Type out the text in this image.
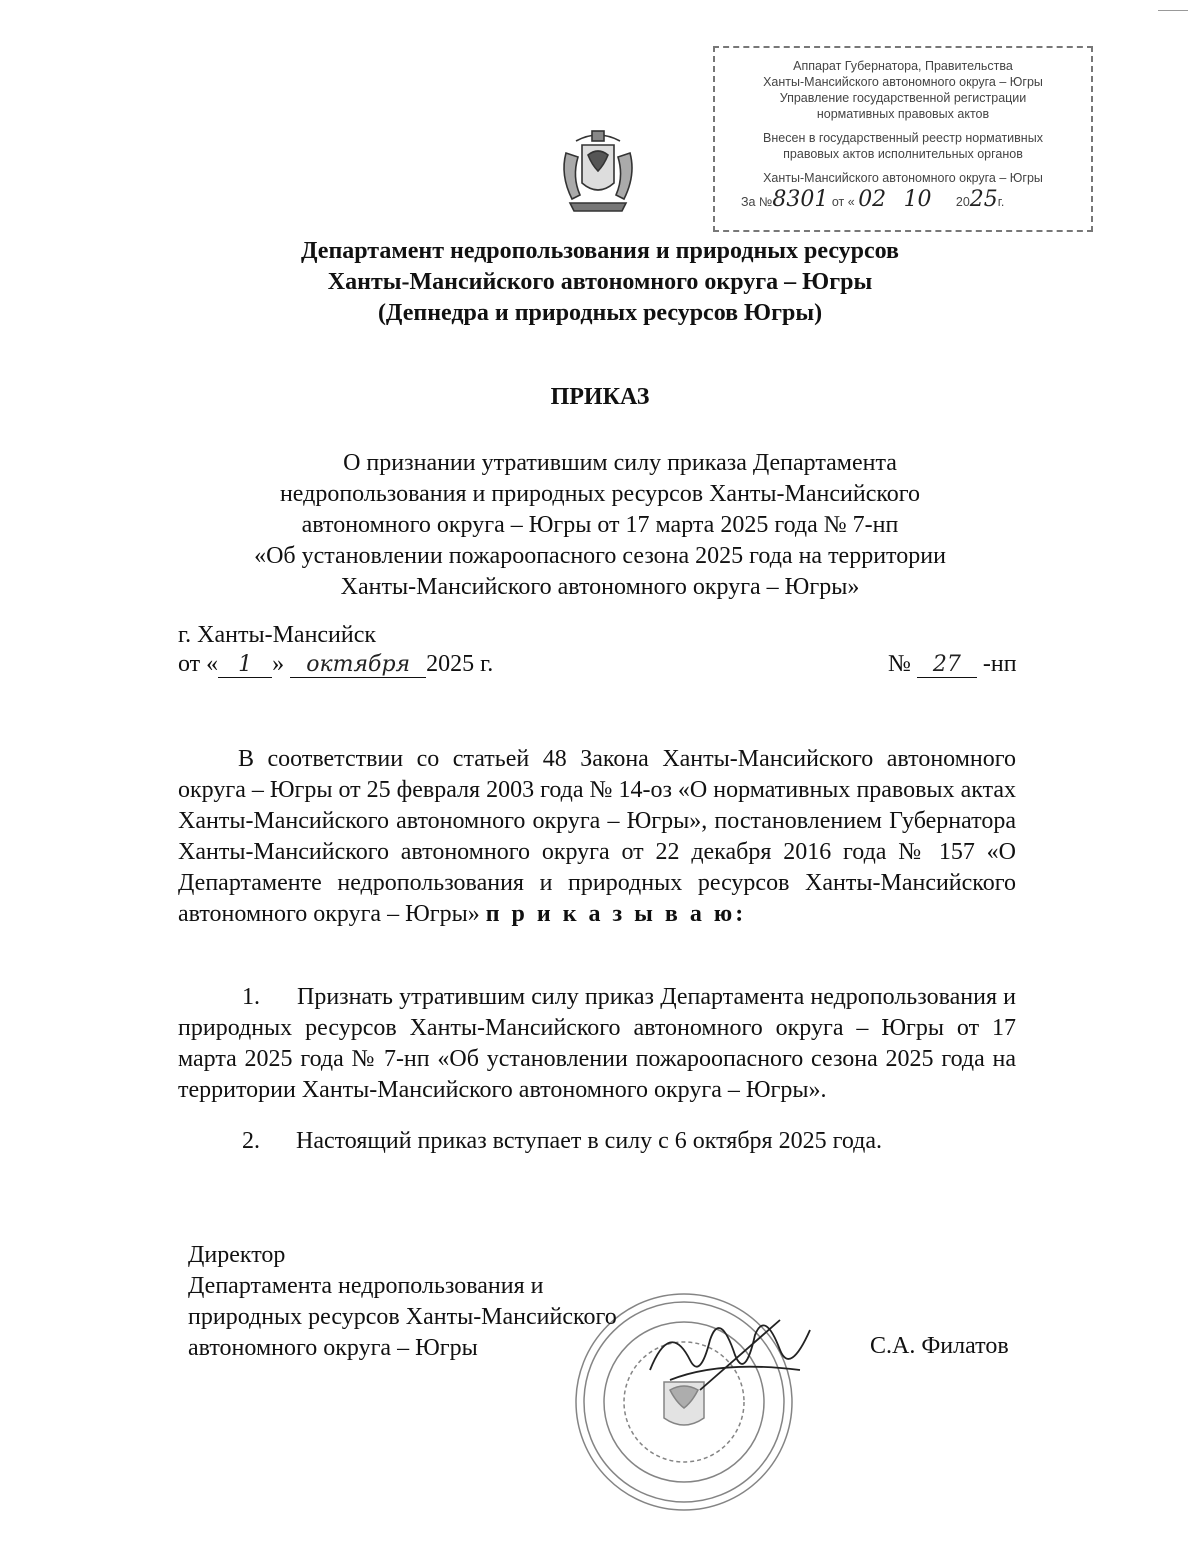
Аппарат Губернатора, Правительства
Ханты-Мансийского автономного округа – Югры
Управление государственной регистрации
нормативных правовых актов
Внесен в государственный реестр нормативных
правовых актов исполнительных органов
Ханты-Мансийского автономного округа – Югры
За №8301 от « 02 10 2025г.
Департамент недропользования и природных ресурсов
Ханты-Мансийского автономного округа – Югры
(Депнедра и природных ресурсов Югры)
ПРИКАЗ
О признании утратившим силу приказа Департамента
недропользования и природных ресурсов Ханты-Мансийского
автономного округа – Югры от 17 марта 2025 года № 7-нп
«Об установлении пожароопасного сезона 2025 года на территории
Ханты-Мансийского автономного округа – Югры»
г. Ханты-Мансийск
от « 1 » октября 2025 г.	№ 27 -нп
В соответствии со статьей 48 Закона Ханты-Мансийского автономного округа – Югры от 25 февраля 2003 года № 14-оз «О нормативных правовых актах Ханты-Мансийского автономного округа – Югры», постановлением Губернатора Ханты-Мансийского автономного округа от 22 декабря 2016 года № 157 «О Департаменте недропользования и природных ресурсов Ханты-Мансийского автономного округа – Югры» п р и к а з ы в а ю:
1. Признать утратившим силу приказ Департамента недропользования и природных ресурсов Ханты-Мансийского автономного округа – Югры от 17 марта 2025 года № 7-нп «Об установлении пожароопасного сезона 2025 года на территории Ханты-Мансийского автономного округа – Югры».
2. Настоящий приказ вступает в силу с 6 октября 2025 года.
Директор
Департамента недропользования и
природных ресурсов Ханты-Мансийского
автономного округа – Югры	С.А. Филатов
